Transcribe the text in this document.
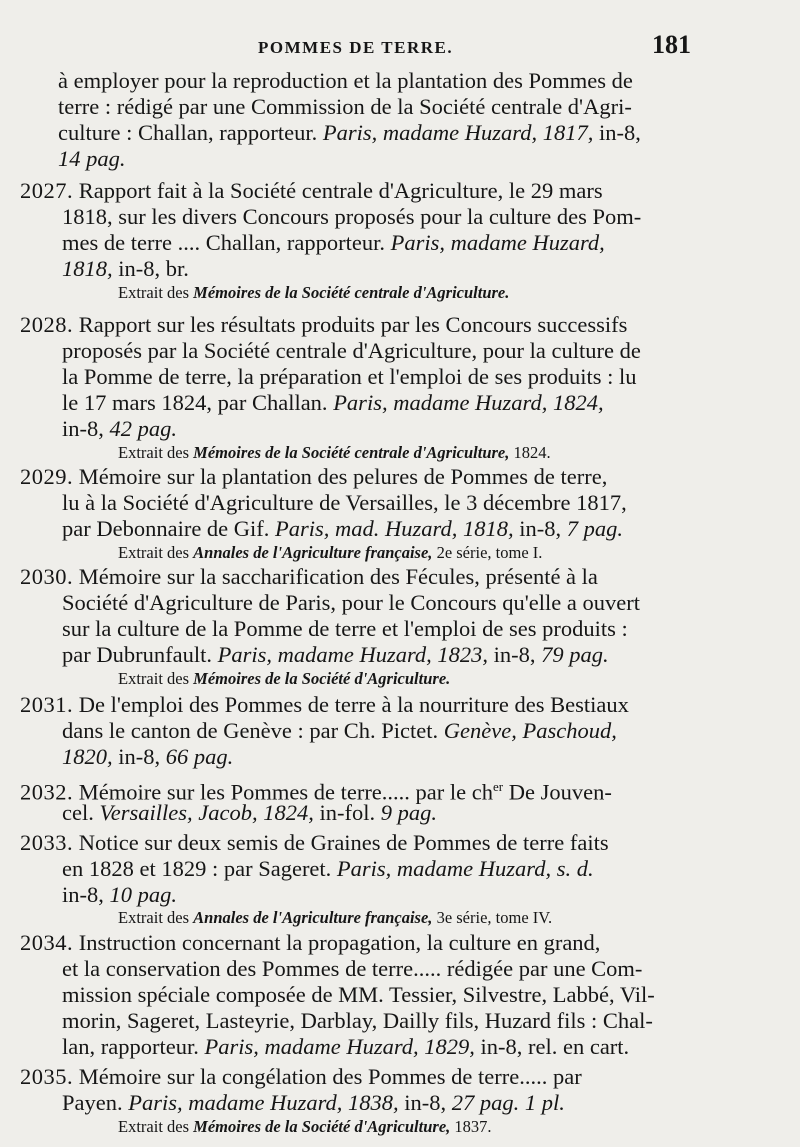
POMMES DE TERRE.	181
à employer pour la reproduction et la plantation des Pommes de
terre : rédigé par une Commission de la Société centrale d'Agri-
culture : Challan, rapporteur. Paris, madame Huzard, 1817, in-8,
14 pag.
2027. Rapport fait à la Société centrale d'Agriculture, le 29 mars
1818, sur les divers Concours proposés pour la culture des Pom-
mes de terre .... Challan, rapporteur. Paris, madame Huzard,
1818, in-8, br.
Extrait des Mémoires de la Société centrale d'Agriculture.
2028. Rapport sur les résultats produits par les Concours successifs
proposés par la Société centrale d'Agriculture, pour la culture de
la Pomme de terre, la préparation et l'emploi de ses produits : lu
le 17 mars 1824, par Challan. Paris, madame Huzard, 1824,
in-8, 42 pag.
Extrait des Mémoires de la Société centrale d'Agriculture, 1824.
2029. Mémoire sur la plantation des pelures de Pommes de terre,
lu à la Société d'Agriculture de Versailles, le 3 décembre 1817,
par Debonnaire de Gif. Paris, mad. Huzard, 1818, in-8, 7 pag.
Extrait des Annales de l'Agriculture française, 2e série, tome I.
2030. Mémoire sur la saccharification des Fécules, présenté à la
Société d'Agriculture de Paris, pour le Concours qu'elle a ouvert
sur la culture de la Pomme de terre et l'emploi de ses produits :
par Dubrunfault. Paris, madame Huzard, 1823, in-8, 79 pag.
Extrait des Mémoires de la Société d'Agriculture.
2031. De l'emploi des Pommes de terre à la nourriture des Bestiaux
dans le canton de Genève : par Ch. Pictet. Genève, Paschoud,
1820, in-8, 66 pag.
2032. Mémoire sur les Pommes de terre..... par le $ch^{er}$ De Jouven-
cel. Versailles, Jacob, 1824, in-fol. 9 pag.
2033. Notice sur deux semis de Graines de Pommes de terre faits
en 1828 et 1829 : par Sageret. Paris, madame Huzard, s. d.
in-8, 10 pag.
Extrait des Annales de l'Agriculture française, 3e série, tome IV.
2034. Instruction concernant la propagation, la culture en grand,
et la conservation des Pommes de terre..... rédigée par une Com-
mission spéciale composée de MM. Tessier, Silvestre, Labbé, Vil-
morin, Sageret, Lasteyrie, Darblay, Dailly fils, Huzard fils : Chal-
lan, rapporteur. Paris, madame Huzard, 1829, in-8, rel. en cart.
2035. Mémoire sur la congélation des Pommes de terre..... par
Payen. Paris, madame Huzard, 1838, in-8, 27 pag. 1 pl.
Extrait des Mémoires de la Société d'Agriculture, 1837.
